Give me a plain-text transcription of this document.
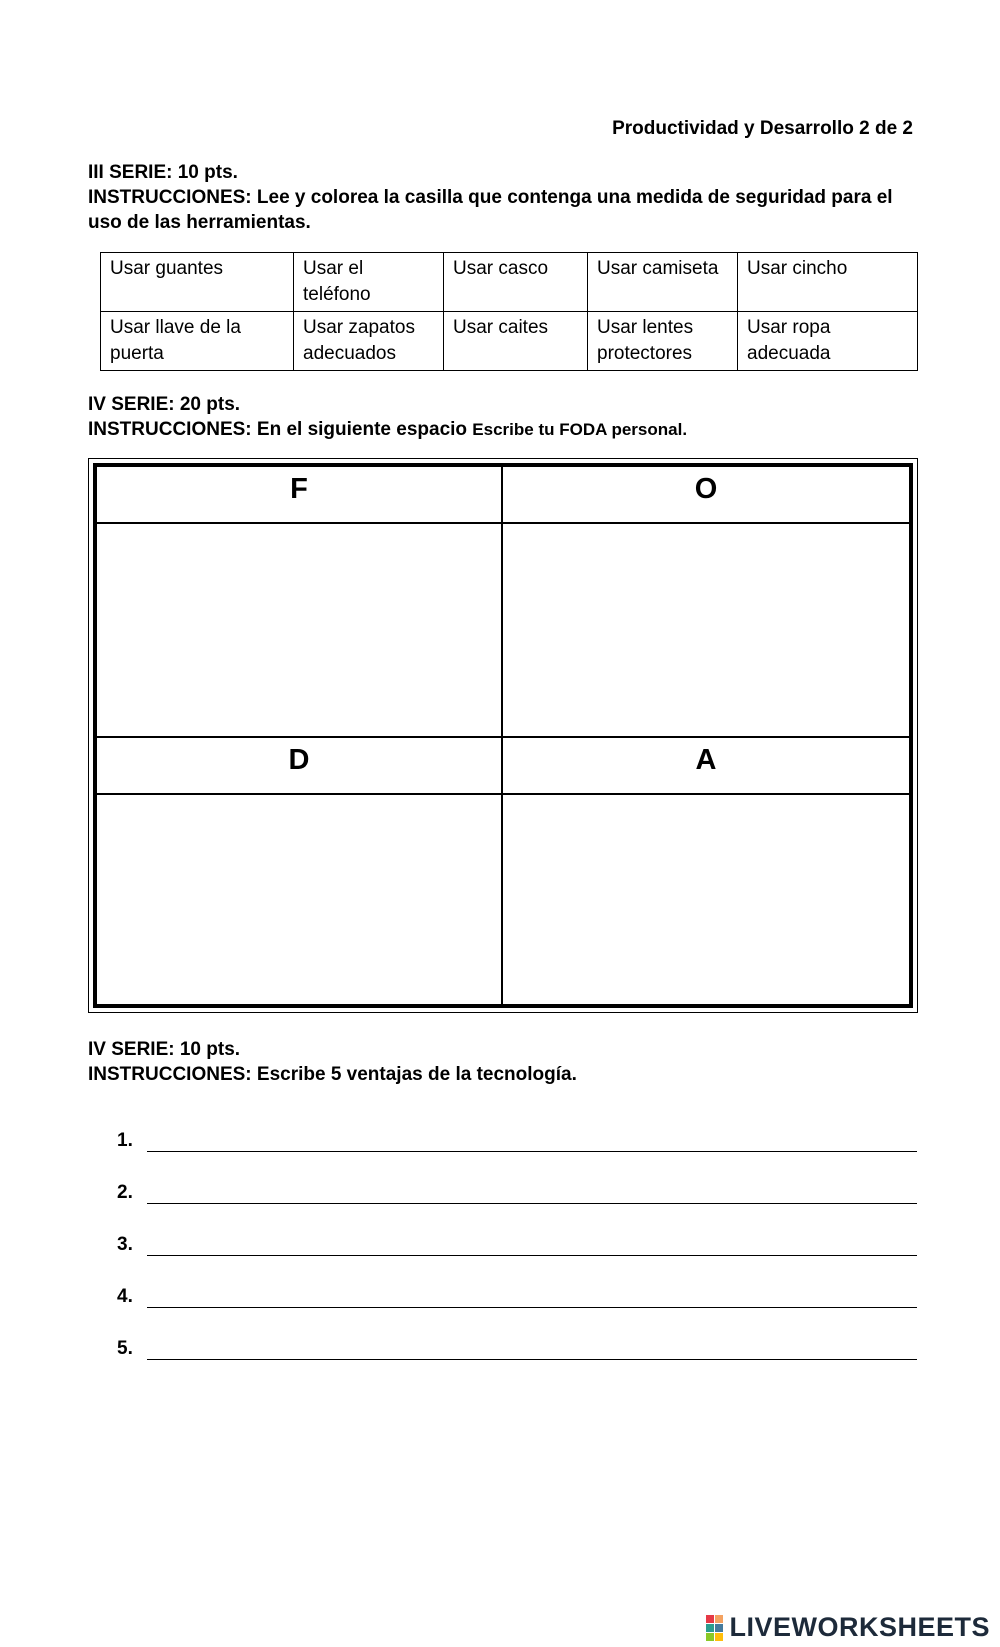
Productividad y Desarrollo 2 de 2

III SERIE: 10 pts.

INSTRUCCIONES: Lee y colorea la casilla que contenga una medida de seguridad para el uso de las herramientas.

Usar guantes	Usar el teléfono	Usar casco	Usar camiseta	Usar cincho
Usar llave de la puerta	Usar zapatos adecuados	Usar caites	Usar lentes protectores	Usar ropa adecuada

IV SERIE: 20 pts.

INSTRUCCIONES: En el siguiente espacio Escribe tu FODA personal.

F	O
D	A

IV SERIE: 10 pts.

INSTRUCCIONES: Escribe 5 ventajas de la tecnología.

1.
2.
3.
4.
5.
LIVEWORKSHEETS
